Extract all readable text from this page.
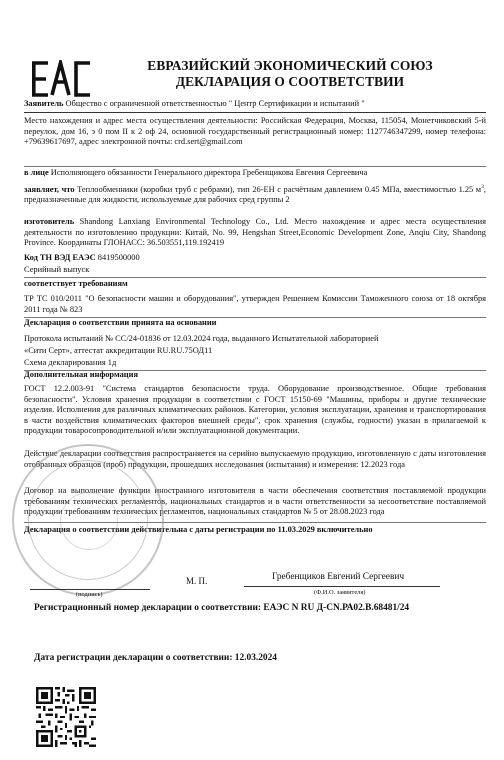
ЕВРАЗИЙСКИЙ ЭКОНОМИЧЕСКИЙ СОЮЗ
ДЕКЛАРАЦИЯ О СООТВЕТСТВИИ
Заявитель Общество с ограниченной ответственностью " Центр Сертификации и испытаний "
Место нахождения и адрес места осуществления деятельности: Российская Федерация, Москва, 115054, Монетчиковский 5-й переулок, дом 16, э 0 пом II к 2 оф 24, основной государственный регистрационный номер: 1127746347299, номер телефона: +79639617697, адрес электронной почты: crd.sert@gmail.com
в лице Исполняющего обязанности Генерального директора Гребенщикова Евгения Сергеевича
заявляет, что Теплообменники (коробки труб с ребрами), тип 26-ЕН с расчётным давлением 0.45 МПа, вместимостью 1.25 $м^3$, предназначенные для жидкости, используемые для рабочих сред группы 2
изготовитель Shandong Lanxiang Environmental Technology Co., Ltd. Место нахождения и адрес места осуществления деятельности по изготовлению продукции: Китай, No. 99, Hengshan Street,Economic Development Zone, Anqiu City, Shandong Province. Координаты ГЛОНАСС: 36.503551,119.192419
Код ТН ВЭД ЕАЭС 8419500000
Серийный выпуск
соответствует требованиям
ТР ТС 010/2011 "О безопасности машин и оборудования", утвержден Решением Комиссии Таможенного союза от 18 октября 2011 года № 823
Декларация о соответствии принята на основании
Протокола испытаний № СС/24-01836 от 12.03.2024 года, выданного Испытательной лабораторией
«Сити Серт», аттестат аккредитации RU.RU.75ОД11
Схема декларирования 1д
Дополнительная информация
ГОСТ 12.2.003-91 "Система стандартов безопасности труда. Оборудование производственное. Общие требования безопасности". Условия хранения продукции в соответствии с ГОСТ 15150-69 "Машины, приборы и другие технические изделия. Исполнения для различных климатических районов. Категории, условия эксплуатации, хранения и транспортирования в части воздействия климатических факторов внешней среды", срок хранения (службы, годности) указан в прилагаемой к продукции товаросопроводительной и/или эксплуатационной документации.
Действие декларации соответствия распространяется на серийно выпускаемую продукцию, изготовленную с даты изготовления отобранных образцов (проб) продукции, прошедших исследования (испытания) и измерения: 12.2023 года
Договор на выполнение функции иностранного изготовителя в части обеспечения соответствия поставляемой продукции требованиям технических регламентов, национальных стандартов и в части ответственности за несоответствие поставляемой продукции требованиям технических регламентов, национальных стандартов № 5 от 28.08.2023 года
Декларация о соответствии действительна с даты регистрации по 11.03.2029 включительно
(подпись)
М. П.	Гребенщиков Евгений Сергеевич
(Ф.И.О. заявителя)
Регистрационный номер декларации о соответствии: ЕАЭС N RU Д-CN.РА02.В.68481/24
Дата регистрации декларации о соответствии: 12.03.2024
